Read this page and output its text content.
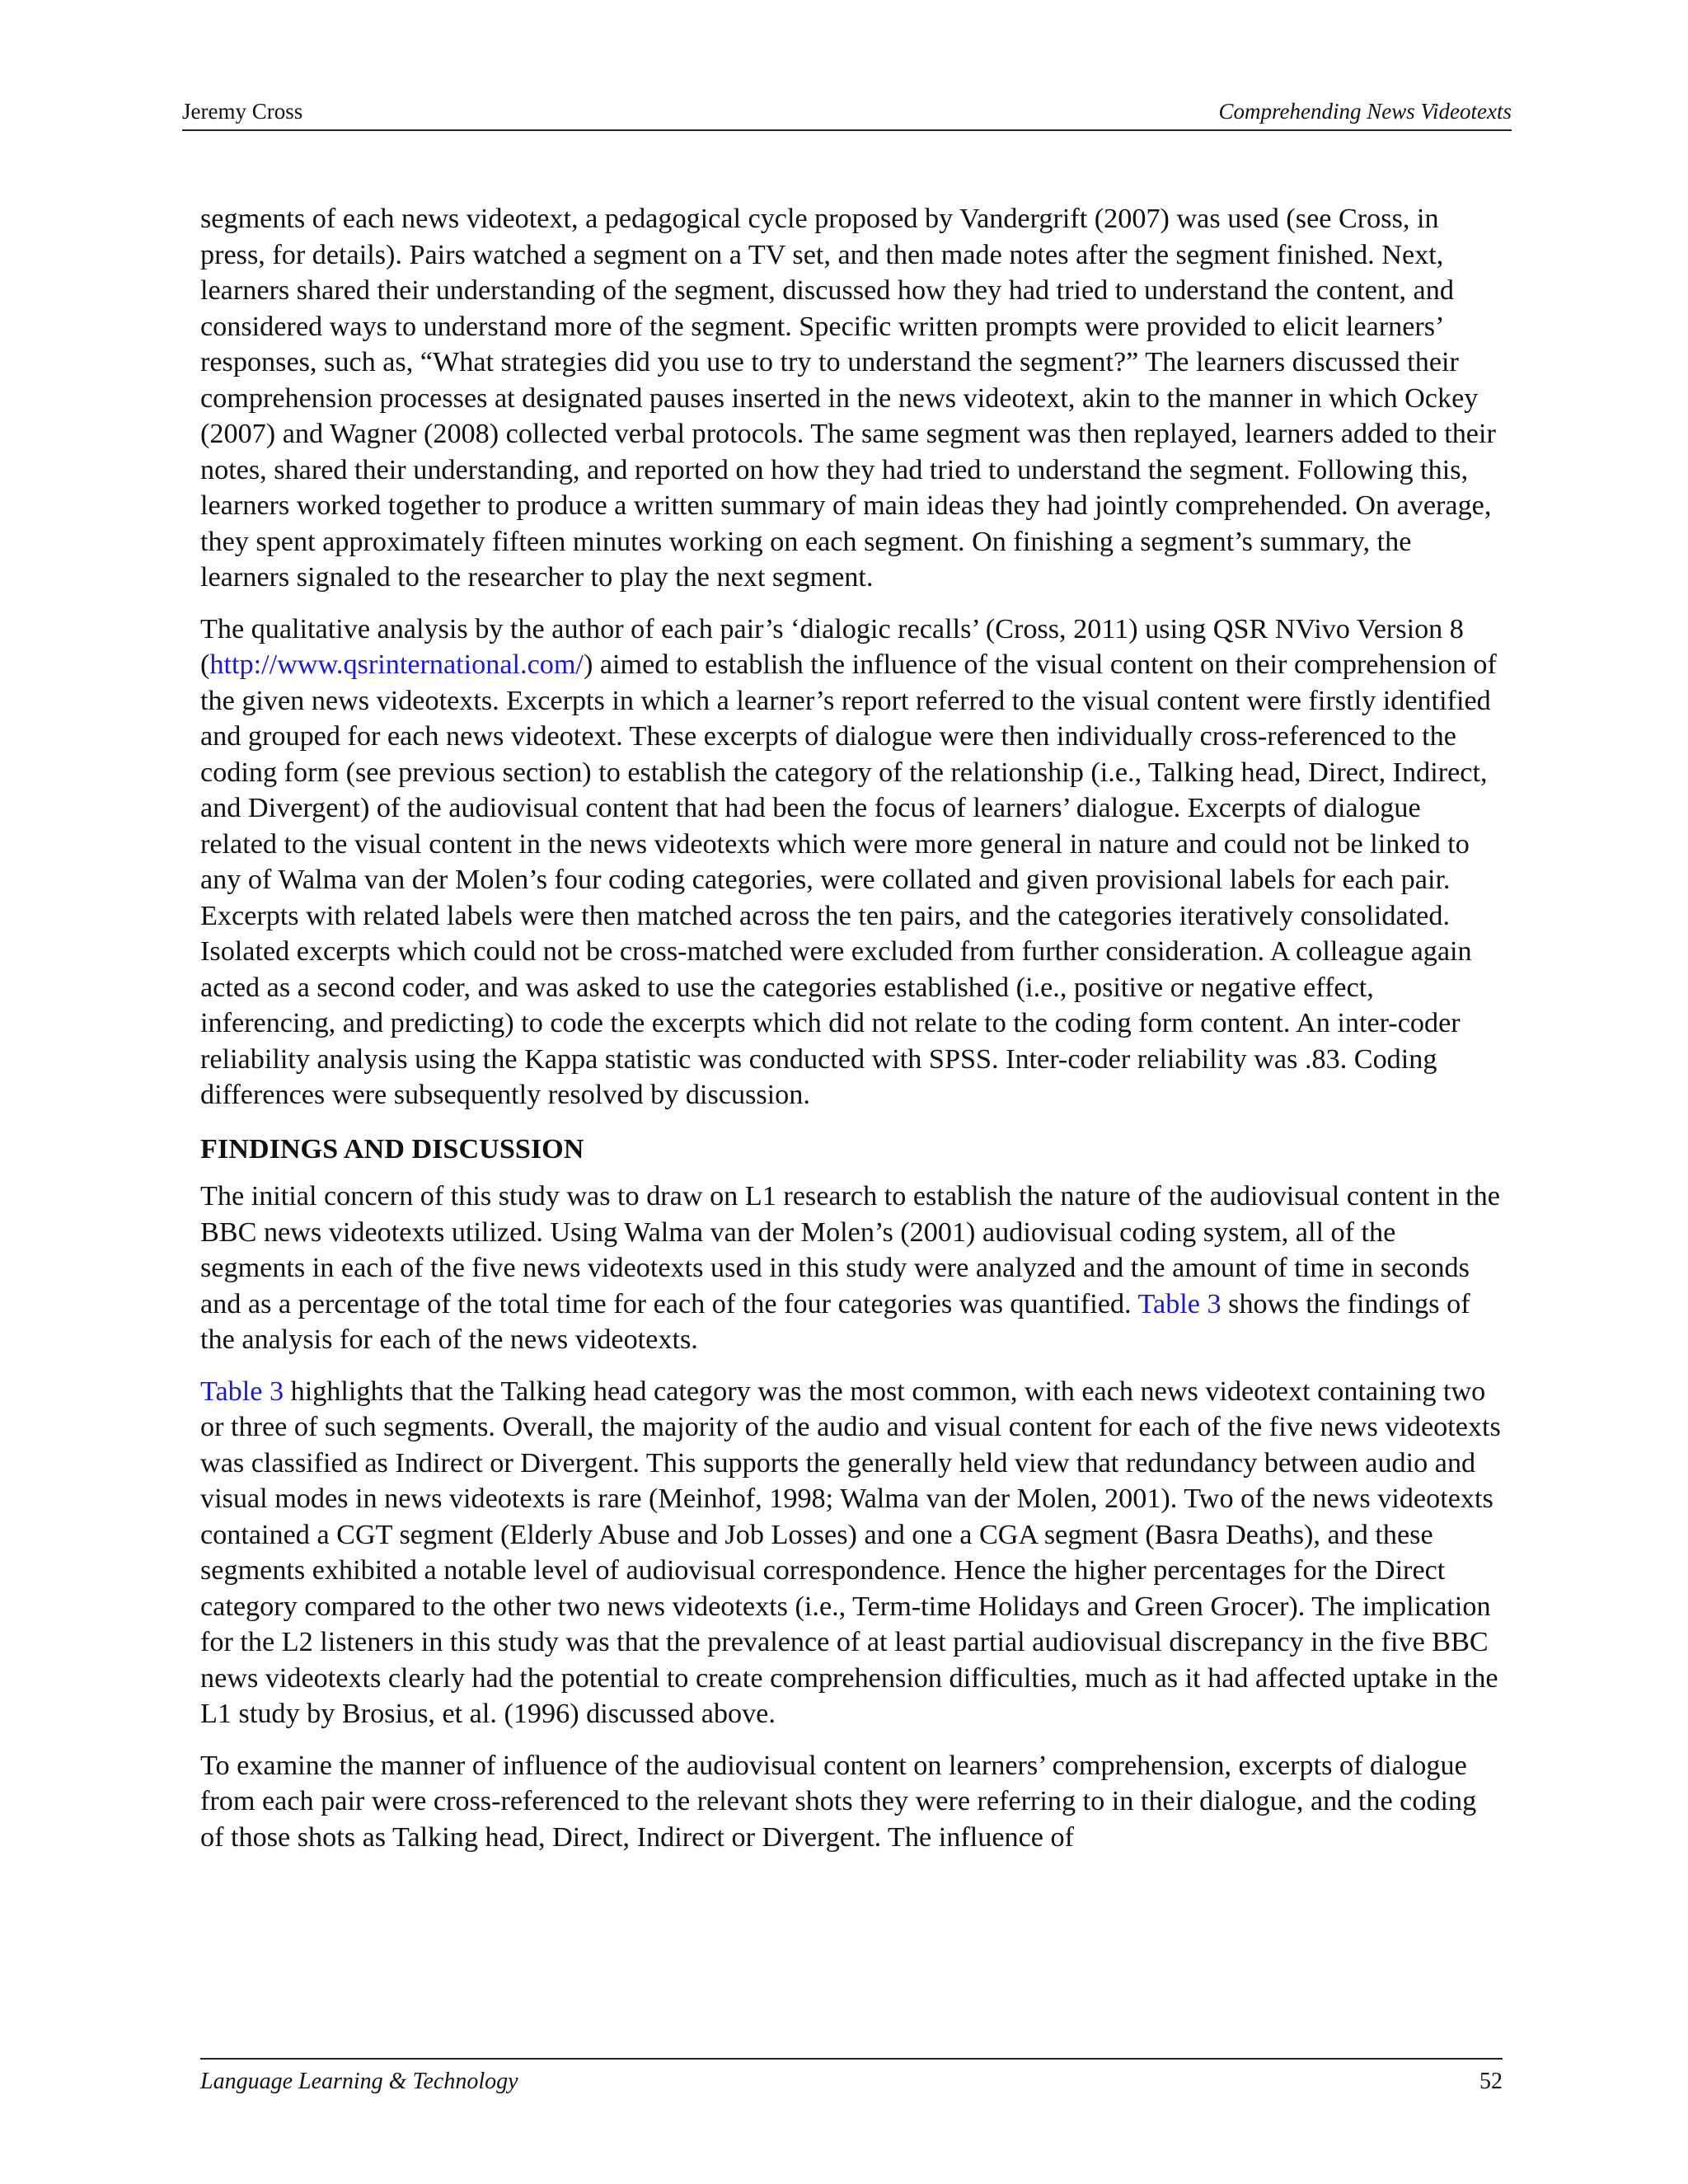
Jeremy Cross	Comprehending News Videotexts

segments of each news videotext, a pedagogical cycle proposed by Vandergrift (2007) was used (see Cross, in press, for details). Pairs watched a segment on a TV set, and then made notes after the segment finished. Next, learners shared their understanding of the segment, discussed how they had tried to understand the content, and considered ways to understand more of the segment. Specific written prompts were provided to elicit learners’ responses, such as, “What strategies did you use to try to understand the segment?” The learners discussed their comprehension processes at designated pauses inserted in the news videotext, akin to the manner in which Ockey (2007) and Wagner (2008) collected verbal protocols. The same segment was then replayed, learners added to their notes, shared their understanding, and reported on how they had tried to understand the segment. Following this, learners worked together to produce a written summary of main ideas they had jointly comprehended. On average, they spent approximately fifteen minutes working on each segment. On finishing a segment’s summary, the learners signaled to the researcher to play the next segment.

The qualitative analysis by the author of each pair’s ‘dialogic recalls’ (Cross, 2011) using QSR NVivo Version 8 (http://www.qsrinternational.com/) aimed to establish the influence of the visual content on their comprehension of the given news videotexts. Excerpts in which a learner’s report referred to the visual content were firstly identified and grouped for each news videotext. These excerpts of dialogue were then individually cross-referenced to the coding form (see previous section) to establish the category of the relationship (i.e., Talking head, Direct, Indirect, and Divergent) of the audiovisual content that had been the focus of learners’ dialogue. Excerpts of dialogue related to the visual content in the news videotexts which were more general in nature and could not be linked to any of Walma van der Molen’s four coding categories, were collated and given provisional labels for each pair. Excerpts with related labels were then matched across the ten pairs, and the categories iteratively consolidated. Isolated excerpts which could not be cross-matched were excluded from further consideration. A colleague again acted as a second coder, and was asked to use the categories established (i.e., positive or negative effect, inferencing, and predicting) to code the excerpts which did not relate to the coding form content. An inter-coder reliability analysis using the Kappa statistic was conducted with SPSS. Inter-coder reliability was .83. Coding differences were subsequently resolved by discussion.

FINDINGS AND DISCUSSION

The initial concern of this study was to draw on L1 research to establish the nature of the audiovisual content in the BBC news videotexts utilized. Using Walma van der Molen’s (2001) audiovisual coding system, all of the segments in each of the five news videotexts used in this study were analyzed and the amount of time in seconds and as a percentage of the total time for each of the four categories was quantified. Table 3 shows the findings of the analysis for each of the news videotexts.

Table 3 highlights that the Talking head category was the most common, with each news videotext containing two or three of such segments. Overall, the majority of the audio and visual content for each of the five news videotexts was classified as Indirect or Divergent. This supports the generally held view that redundancy between audio and visual modes in news videotexts is rare (Meinhof, 1998; Walma van der Molen, 2001). Two of the news videotexts contained a CGT segment (Elderly Abuse and Job Losses) and one a CGA segment (Basra Deaths), and these segments exhibited a notable level of audiovisual correspondence. Hence the higher percentages for the Direct category compared to the other two news videotexts (i.e., Term-time Holidays and Green Grocer). The implication for the L2 listeners in this study was that the prevalence of at least partial audiovisual discrepancy in the five BBC news videotexts clearly had the potential to create comprehension difficulties, much as it had affected uptake in the L1 study by Brosius, et al. (1996) discussed above.

To examine the manner of influence of the audiovisual content on learners’ comprehension, excerpts of dialogue from each pair were cross-referenced to the relevant shots they were referring to in their dialogue, and the coding of those shots as Talking head, Direct, Indirect or Divergent. The influence of

Language Learning & Technology	52
